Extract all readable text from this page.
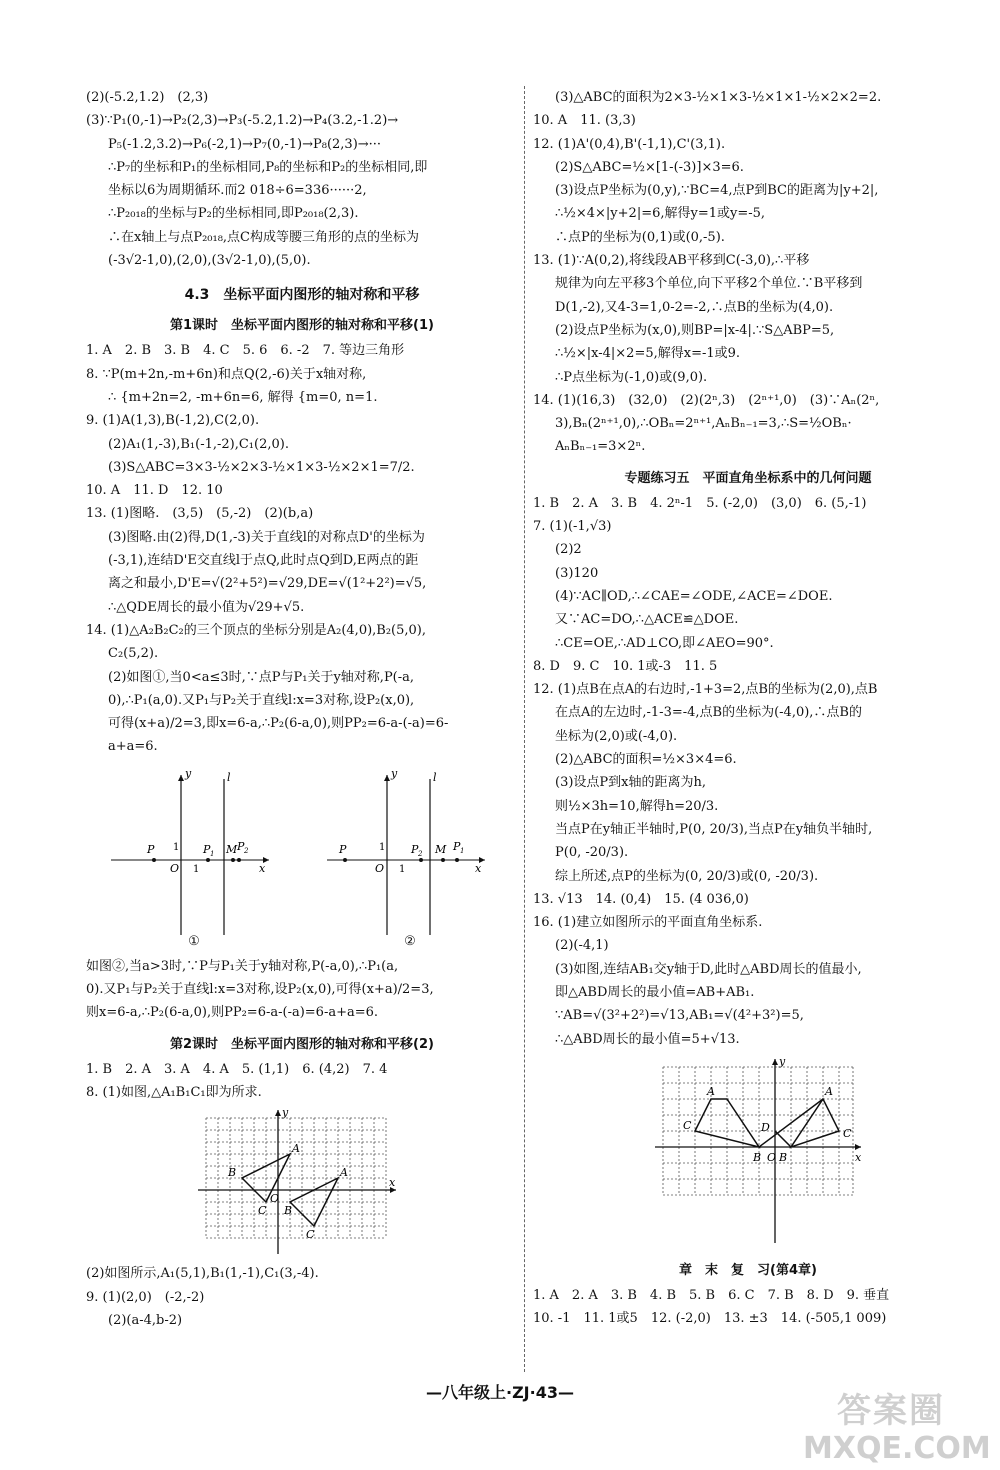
(2)(-5.2,1.2)　(2,3)
(3)∵P₁(0,-1)→P₂(2,3)→P₃(-5.2,1.2)→P₄(3.2,-1.2)→
P₅(-1.2,3.2)→P₆(-2,1)→P₇(0,-1)→P₈(2,3)→···
∴P₇的坐标和P₁的坐标相同,P₈的坐标和P₂的坐标相同,即
坐标以6为周期循环.而2 018÷6=336······2,
∴P₂₀₁₈的坐标与P₂的坐标相同,即P₂₀₁₈(2,3).
∴在x轴上与点P₂₀₁₈,点C构成等腰三角形的点的坐标为
(-3√2-1,0),(2,0),(3√2-1,0),(5,0).
4.3　坐标平面内图形的轴对称和平移
第1课时　坐标平面内图形的轴对称和平移(1)
1. A　2. B　3. B　4. C　5. 6　6. -2　7. 等边三角形
8. ∵P(m+2n,-m+6n)和点Q(2,-6)关于x轴对称,
∴ {m+2n=2, -m+6n=6, 解得 {m=0, n=1.
9. (1)A(1,3),B(-1,2),C(2,0).
(2)A₁(1,-3),B₁(-1,-2),C₁(2,0).
(3)S△ABC=3×3-½×2×3-½×1×3-½×2×1=7/2.
10. A　11. D　12. 10
13. (1)图略.　(3,5)　(5,-2)　(2)(b,a)
(3)图略.由(2)得,D(1,-3)关于直线l的对称点D'的坐标为
(-3,1),连结D'E交直线l于点Q,此时点Q到D,E两点的距
离之和最小,D'E=√(2²+5²)=√29,DE=√(1²+2²)=√5,
∴△QDE周长的最小值为√29+√5.
14. (1)△A₂B₂C₂的三个顶点的坐标分别是A₂(4,0),B₂(5,0),
C₂(5,2).
(2)如图①,当0<a≤3时,∵点P与P₁关于y轴对称,P(-a,
0),∴P₁(a,0).又P₁与P₂关于直线l:x=3对称,设P₂(x,0),
可得(x+a)/2=3,即x=6-a,∴P₂(6-a,0),则PP₂=6-a-(-a)=6-
a+a=6.
y	l
x
P	P 1 M P 2
O
1
1
①
y	l
x
P	P 2 M P 1
O
1
1
②
如图②,当a>3时,∵P与P₁关于y轴对称,P(-a,0),∴P₁(a,
0).又P₁与P₂关于直线l:x=3对称,设P₂(x,0),可得(x+a)/2=3,
则x=6-a,∴P₂(6-a,0),则PP₂=6-a-(-a)=6-a+a=6.
第2课时　坐标平面内图形的轴对称和平移(2)
1. B　2. A　3. A　4. A　5. (1,1)　6. (4,2)　7. 4
8. (1)如图,△A₁B₁C₁即为所求.
y
x
A
B
C
O
A
B
C
(2)如图所示,A₁(5,1),B₁(1,-1),C₁(3,-4).
9. (1)(2,0)　(-2,-2)
(2)(a-4,b-2)
(3)△ABC的面积为2×3-½×1×3-½×1×1-½×2×2=2.
10. A　11. (3,3)
12. (1)A'(0,4),B'(-1,1),C'(3,1).
(2)S△ABC=½×[1-(-3)]×3=6.
(3)设点P坐标为(0,y),∵BC=4,点P到BC的距离为|y+2|,
∴½×4×|y+2|=6,解得y=1或y=-5,
∴点P的坐标为(0,1)或(0,-5).
13. (1)∵A(0,2),将线段AB平移到C(-3,0),∴平移
规律为向左平移3个单位,向下平移2个单位.∵B平移到
D(1,-2),又4-3=1,0-2=-2,∴点B的坐标为(4,0).
(2)设点P坐标为(x,0),则BP=|x-4|.∵S△ABP=5,
∴½×|x-4|×2=5,解得x=-1或9.
∴P点坐标为(-1,0)或(9,0).
14. (1)(16,3)　(32,0)　(2)(2ⁿ,3)　(2ⁿ⁺¹,0)　(3)∵Aₙ(2ⁿ,
3),Bₙ(2ⁿ⁺¹,0),∴OBₙ=2ⁿ⁺¹,AₙBₙ₋₁=3,∴S=½OBₙ·
AₙBₙ₋₁=3×2ⁿ.
专题练习五　平面直角坐标系中的几何问题
1. B　2. A　3. B　4. 2ⁿ-1　5. (-2,0)　(3,0)　6. (5,-1)
7. (1)(-1,√3)
(2)2
(3)120
(4)∵AC∥OD,∴∠CAE=∠ODE,∠ACE=∠DOE.
又∵AC=DO,∴△ACE≌△DOE.
∴CE=OE,∴AD⊥CO,即∠AEO=90°.
8. D　9. C　10. 1或-3　11. 5
12. (1)点B在点A的右边时,-1+3=2,点B的坐标为(2,0),点B
在点A的左边时,-1-3=-4,点B的坐标为(-4,0),∴点B的
坐标为(2,0)或(-4,0).
(2)△ABC的面积=½×3×4=6.
(3)设点P到x轴的距离为h,
则½×3h=10,解得h=20/3.
当点P在y轴正半轴时,P(0, 20/3),当点P在y轴负半轴时,
P(0, -20/3).
综上所述,点P的坐标为(0, 20/3)或(0, -20/3).
13. √13　14. (0,4)　15. (4 036,0)
16. (1)建立如图所示的平面直角坐标系.
(2)(-4,1)
(3)如图,连结AB₁交y轴于D,此时△ABD周长的值最小,
即△ABD周长的最小值=AB+AB₁.
∵AB=√(3²+2²)=√13,AB₁=√(4²+3²)=5,
∴△ABD周长的最小值=5+√13.
y
x
A
C
B O B
D
A
C
章　末　复　习(第4章)
1. A　2. A　3. B　4. B　5. B　6. C　7. B　8. D　9. 垂直
10. -1　11. 1或5　12. (-2,0)　13. ±3　14. (-505,1 009)
—八年级上·ZJ·43—	答案圈
MXQE.COM
